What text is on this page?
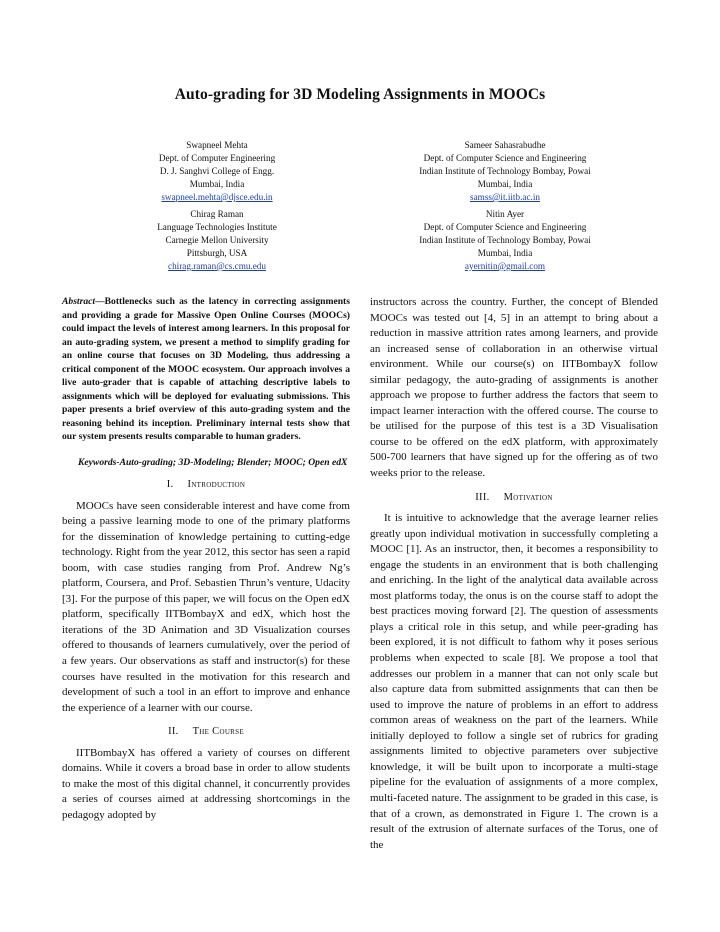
Auto-grading for 3D Modeling Assignments in MOOCs
Swapneel Mehta
Dept. of Computer Engineering
D. J. Sanghvi College of Engg.
Mumbai, India
swapneel.mehta@djsce.edu.in
Sameer Sahasrabudhe
Dept. of Computer Science and Engineering
Indian Institute of Technology Bombay, Powai
Mumbai, India
samss@it.iitb.ac.in
Chirag Raman
Language Technologies Institute
Carnegie Mellon University
Pittsburgh, USA
chirag.raman@cs.cmu.edu
Nitin Ayer
Dept. of Computer Science and Engineering
Indian Institute of Technology Bombay, Powai
Mumbai, India
ayernitin@gmail.com

Abstract—Bottlenecks such as the latency in correcting assignments and providing a grade for Massive Open Online Courses (MOOCs) could impact the levels of interest among learners. In this proposal for an auto-grading system, we present a method to simplify grading for an online course that focuses on 3D Modeling, thus addressing a critical component of the MOOC ecosystem. Our approach involves a live auto-grader that is capable of attaching descriptive labels to assignments which will be deployed for evaluating submissions. This paper presents a brief overview of this auto-grading system and the reasoning behind its inception. Preliminary internal tests show that our system presents results comparable to human graders.

Keywords-Auto-grading; 3D-Modeling; Blender; MOOC; Open edX

I. Introduction

MOOCs have seen considerable interest and have come from being a passive learning mode to one of the primary platforms for the dissemination of knowledge pertaining to cutting-edge technology. Right from the year 2012, this sector has seen a rapid boom, with case studies ranging from Prof. Andrew Ng’s platform, Coursera, and Prof. Sebastien Thrun’s venture, Udacity [3]. For the purpose of this paper, we will focus on the Open edX platform, specifically IITBombayX and edX, which host the iterations of the 3D Animation and 3D Visualization courses offered to thousands of learners cumulatively, over the period of a few years. Our observations as staff and instructor(s) for these courses have resulted in the motivation for this research and development of such a tool in an effort to improve and enhance the experience of a learner with our course.

II. The Course

IITBombayX has offered a variety of courses on different domains. While it covers a broad base in order to allow students to make the most of this digital channel, it concurrently provides a series of courses aimed at addressing shortcomings in the pedagogy adopted by

instructors across the country. Further, the concept of Blended MOOCs was tested out [4, 5] in an attempt to bring about a reduction in massive attrition rates among learners, and provide an increased sense of collaboration in an otherwise virtual environment. While our course(s) on IITBombayX follow similar pedagogy, the auto-grading of assignments is another approach we propose to further address the factors that seem to impact learner interaction with the offered course. The course to be utilised for the purpose of this test is a 3D Visualisation course to be offered on the edX platform, with approximately 500-700 learners that have signed up for the offering as of two weeks prior to the release.

III. Motivation

It is intuitive to acknowledge that the average learner relies greatly upon individual motivation in successfully completing a MOOC [1]. As an instructor, then, it becomes a responsibility to engage the students in an environment that is both challenging and enriching. In the light of the analytical data available across most platforms today, the onus is on the course staff to adopt the best practices moving forward [2]. The question of assessments plays a critical role in this setup, and while peer-grading has been explored, it is not difficult to fathom why it poses serious problems when expected to scale [8]. We propose a tool that addresses our problem in a manner that can not only scale but also capture data from submitted assignments that can then be used to improve the nature of problems in an effort to address common areas of weakness on the part of the learners. While initially deployed to follow a single set of rubrics for grading assignments limited to objective parameters over subjective knowledge, it will be built upon to incorporate a multi-stage pipeline for the evaluation of assignments of a more complex, multi-faceted nature. The assignment to be graded in this case, is that of a crown, as demonstrated in Figure 1. The crown is a result of the extrusion of alternate surfaces of the Torus, one of the
